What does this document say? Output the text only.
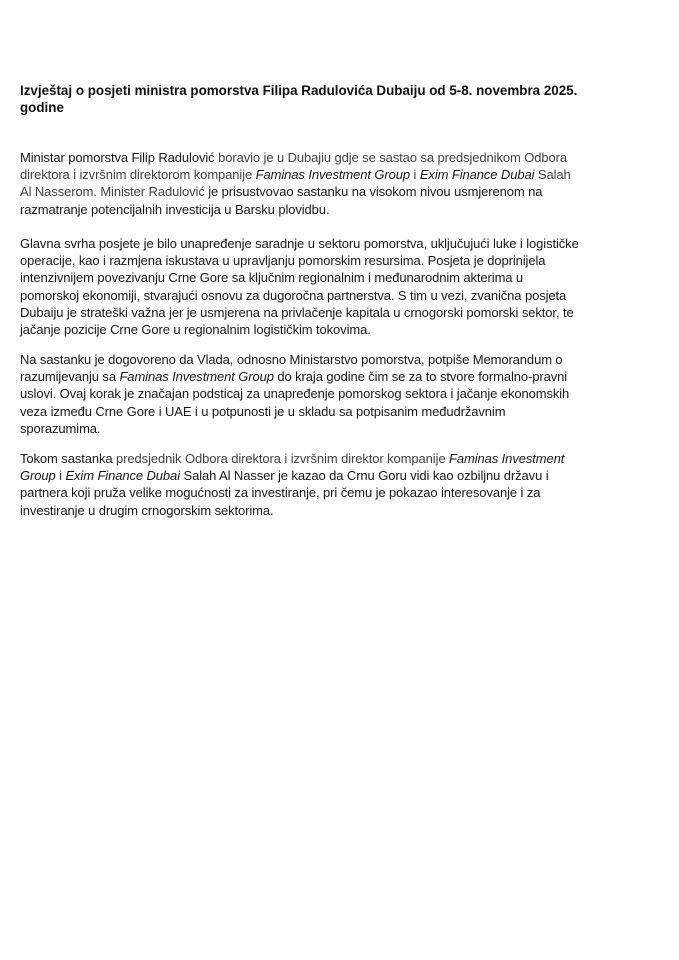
Izvještaj o posjeti ministra pomorstva Filipa Radulovića Dubaiju od 5-8. novembra 2025.
godine

Ministar pomorstva Filip Radulović boravio je u Dubajiu gdje se sastao sa predsjednikom Odbora
direktora i izvršnim direktorom kompanije Faminas Investment Group i Exim Finance Dubai Salah
Al Nasserom. Minister Radulović je prisustvovao sastanku na visokom nivou usmjerenom na
razmatranje potencijalnih investicija u Barsku plovidbu.

Glavna svrha posjete je bilo unapređenje saradnje u sektoru pomorstva, uključujući luke i logističke
operacije, kao i razmjena iskustava u upravljanju pomorskim resursima. Posjeta je doprinijela
intenzivnijem povezivanju Crne Gore sa ključnim regionalnim i međunarodnim akterima u
pomorskoj ekonomiji, stvarajući osnovu za dugoročna partnerstva. S tim u vezi, zvanična posjeta
Dubaiju je strateški važna jer je usmjerena na privlačenje kapitala u crnogorski pomorski sektor, te
jačanje pozicije Crne Gore u regionalnim logističkim tokovima.

Na sastanku je dogovoreno da Vlada, odnosno Ministarstvo pomorstva, potpiše Memorandum o
razumijevanju sa Faminas Investment Group do kraja godine čim se za to stvore formalno-pravni
uslovi. Ovaj korak je značajan podsticaj za unapređenje pomorskog sektora i jačanje ekonomskih
veza između Crne Gore i UAE i u potpunosti je u skladu sa potpisanim međudržavnim
sporazumima.

Tokom sastanka predsjednik Odbora direktora i izvršnim direktor kompanije Faminas Investment
Group i Exim Finance Dubai Salah Al Nasser je kazao da Crnu Goru vidi kao ozbiljnu državu i
partnera koji pruža velike mogućnosti za investiranje, pri čemu je pokazao interesovanje i za
investiranje u drugim crnogorskim sektorima.
